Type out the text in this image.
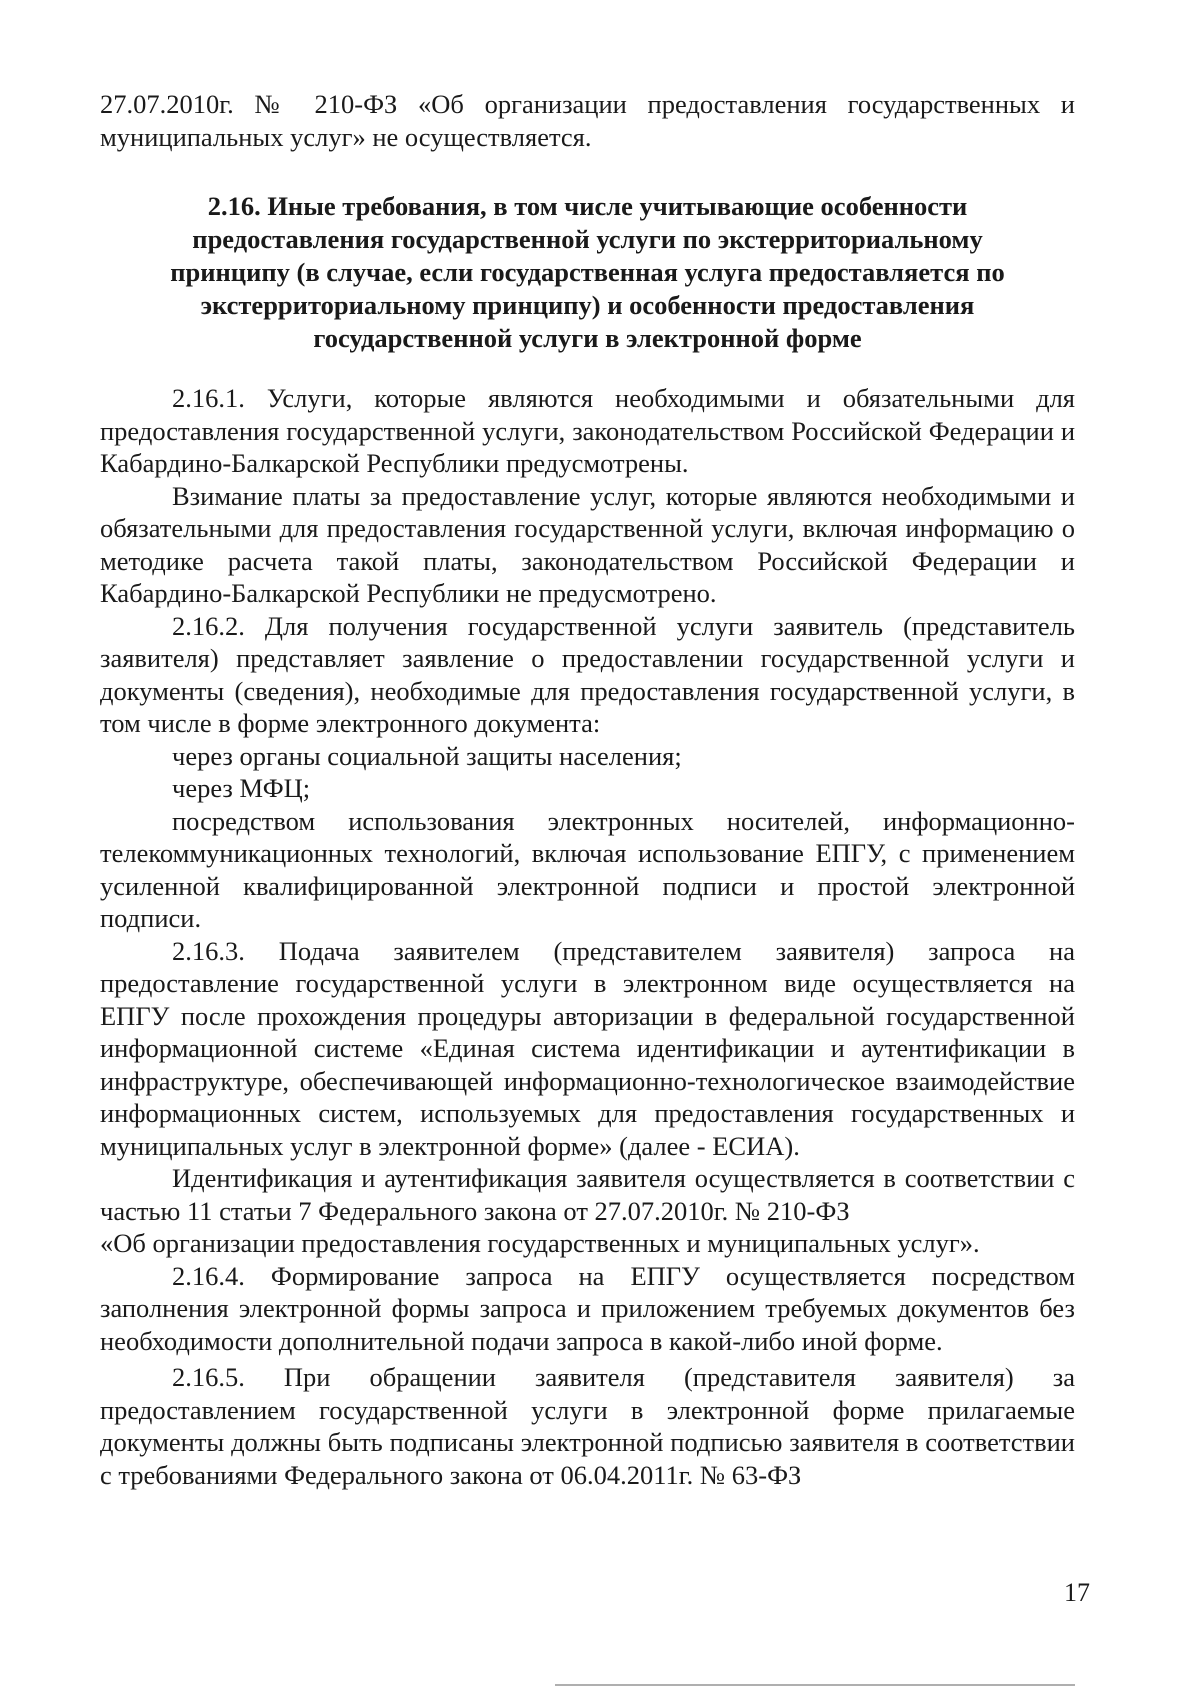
27.07.2010г. № 210-ФЗ «Об организации предоставления государственных и муниципальных услуг» не осуществляется.

2.16. Иные требования, в том числе учитывающие особенности
предоставления государственной услуги по экстерриториальному
принципу (в случае, если государственная услуга предоставляется по
экстерриториальному принципу) и особенности предоставления
государственной услуги в электронной форме

2.16.1. Услуги, которые являются необходимыми и обязательными для предоставления государственной услуги, законодательством Российской Федерации и Кабардино-Балкарской Республики предусмотрены.

Взимание платы за предоставление услуг, которые являются необходимыми и обязательными для предоставления государственной услуги, включая информацию о методике расчета такой платы, законодательством Российской Федерации и Кабардино-Балкарской Республики не предусмотрено.

2.16.2. Для получения государственной услуги заявитель (представитель заявителя) представляет заявление о предоставлении государственной услуги и документы (сведения), необходимые для предоставления государственной услуги, в том числе в форме электронного документа:

через органы социальной защиты населения;

через МФЦ;

посредством использования электронных носителей, информационно-телекоммуникационных технологий, включая использование ЕПГУ, с применением усиленной квалифицированной электронной подписи и простой электронной подписи.

2.16.3. Подача заявителем (представителем заявителя) запроса на предоставление государственной услуги в электронном виде осуществляется на ЕПГУ после прохождения процедуры авторизации в федеральной государственной информационной системе «Единая система идентификации и аутентификации в инфраструктуре, обеспечивающей информационно-технологическое взаимодействие информационных систем, используемых для предоставления государственных и муниципальных услуг в электронной форме» (далее - ЕСИА).

Идентификация и аутентификация заявителя осуществляется в соответствии с частью 11 статьи 7 Федерального закона от 27.07.2010г. № 210-ФЗ

«Об организации предоставления государственных и муниципальных услуг».

2.16.4. Формирование запроса на ЕПГУ осуществляется посредством заполнения электронной формы запроса и приложением требуемых документов без необходимости дополнительной подачи запроса в какой-либо иной форме.

2.16.5. При обращении заявителя (представителя заявителя) за предоставлением государственной услуги в электронной форме прилагаемые документы должны быть подписаны электронной подписью заявителя в соответствии с требованиями Федерального закона от 06.04.2011г. № 63-ФЗ

17
